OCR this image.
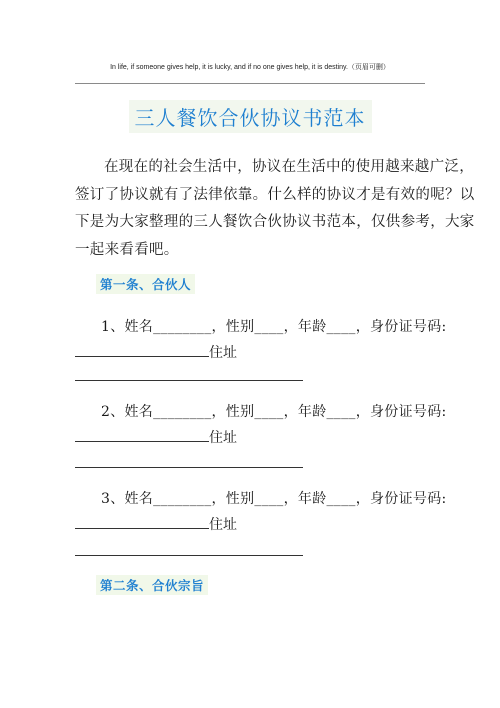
In life, if someone gives help, it is lucky, and if no one gives help, it is destiny.（页眉可删）
三人餐饮合伙协议书范本
在现在的社会生活中，协议在生活中的使用越来越广泛，
签订了协议就有了法律依靠。什么样的协议才是有效的呢？以
下是为大家整理的三人餐饮合伙协议书范本，仅供参考，大家
一起来看看吧。
第一条、合伙人
1、姓名________，性别____，年龄____，身份证号码:
住址
2、姓名________，性别____，年龄____，身份证号码:
住址
3、姓名________，性别____，年龄____，身份证号码:
住址
第二条、合伙宗旨
